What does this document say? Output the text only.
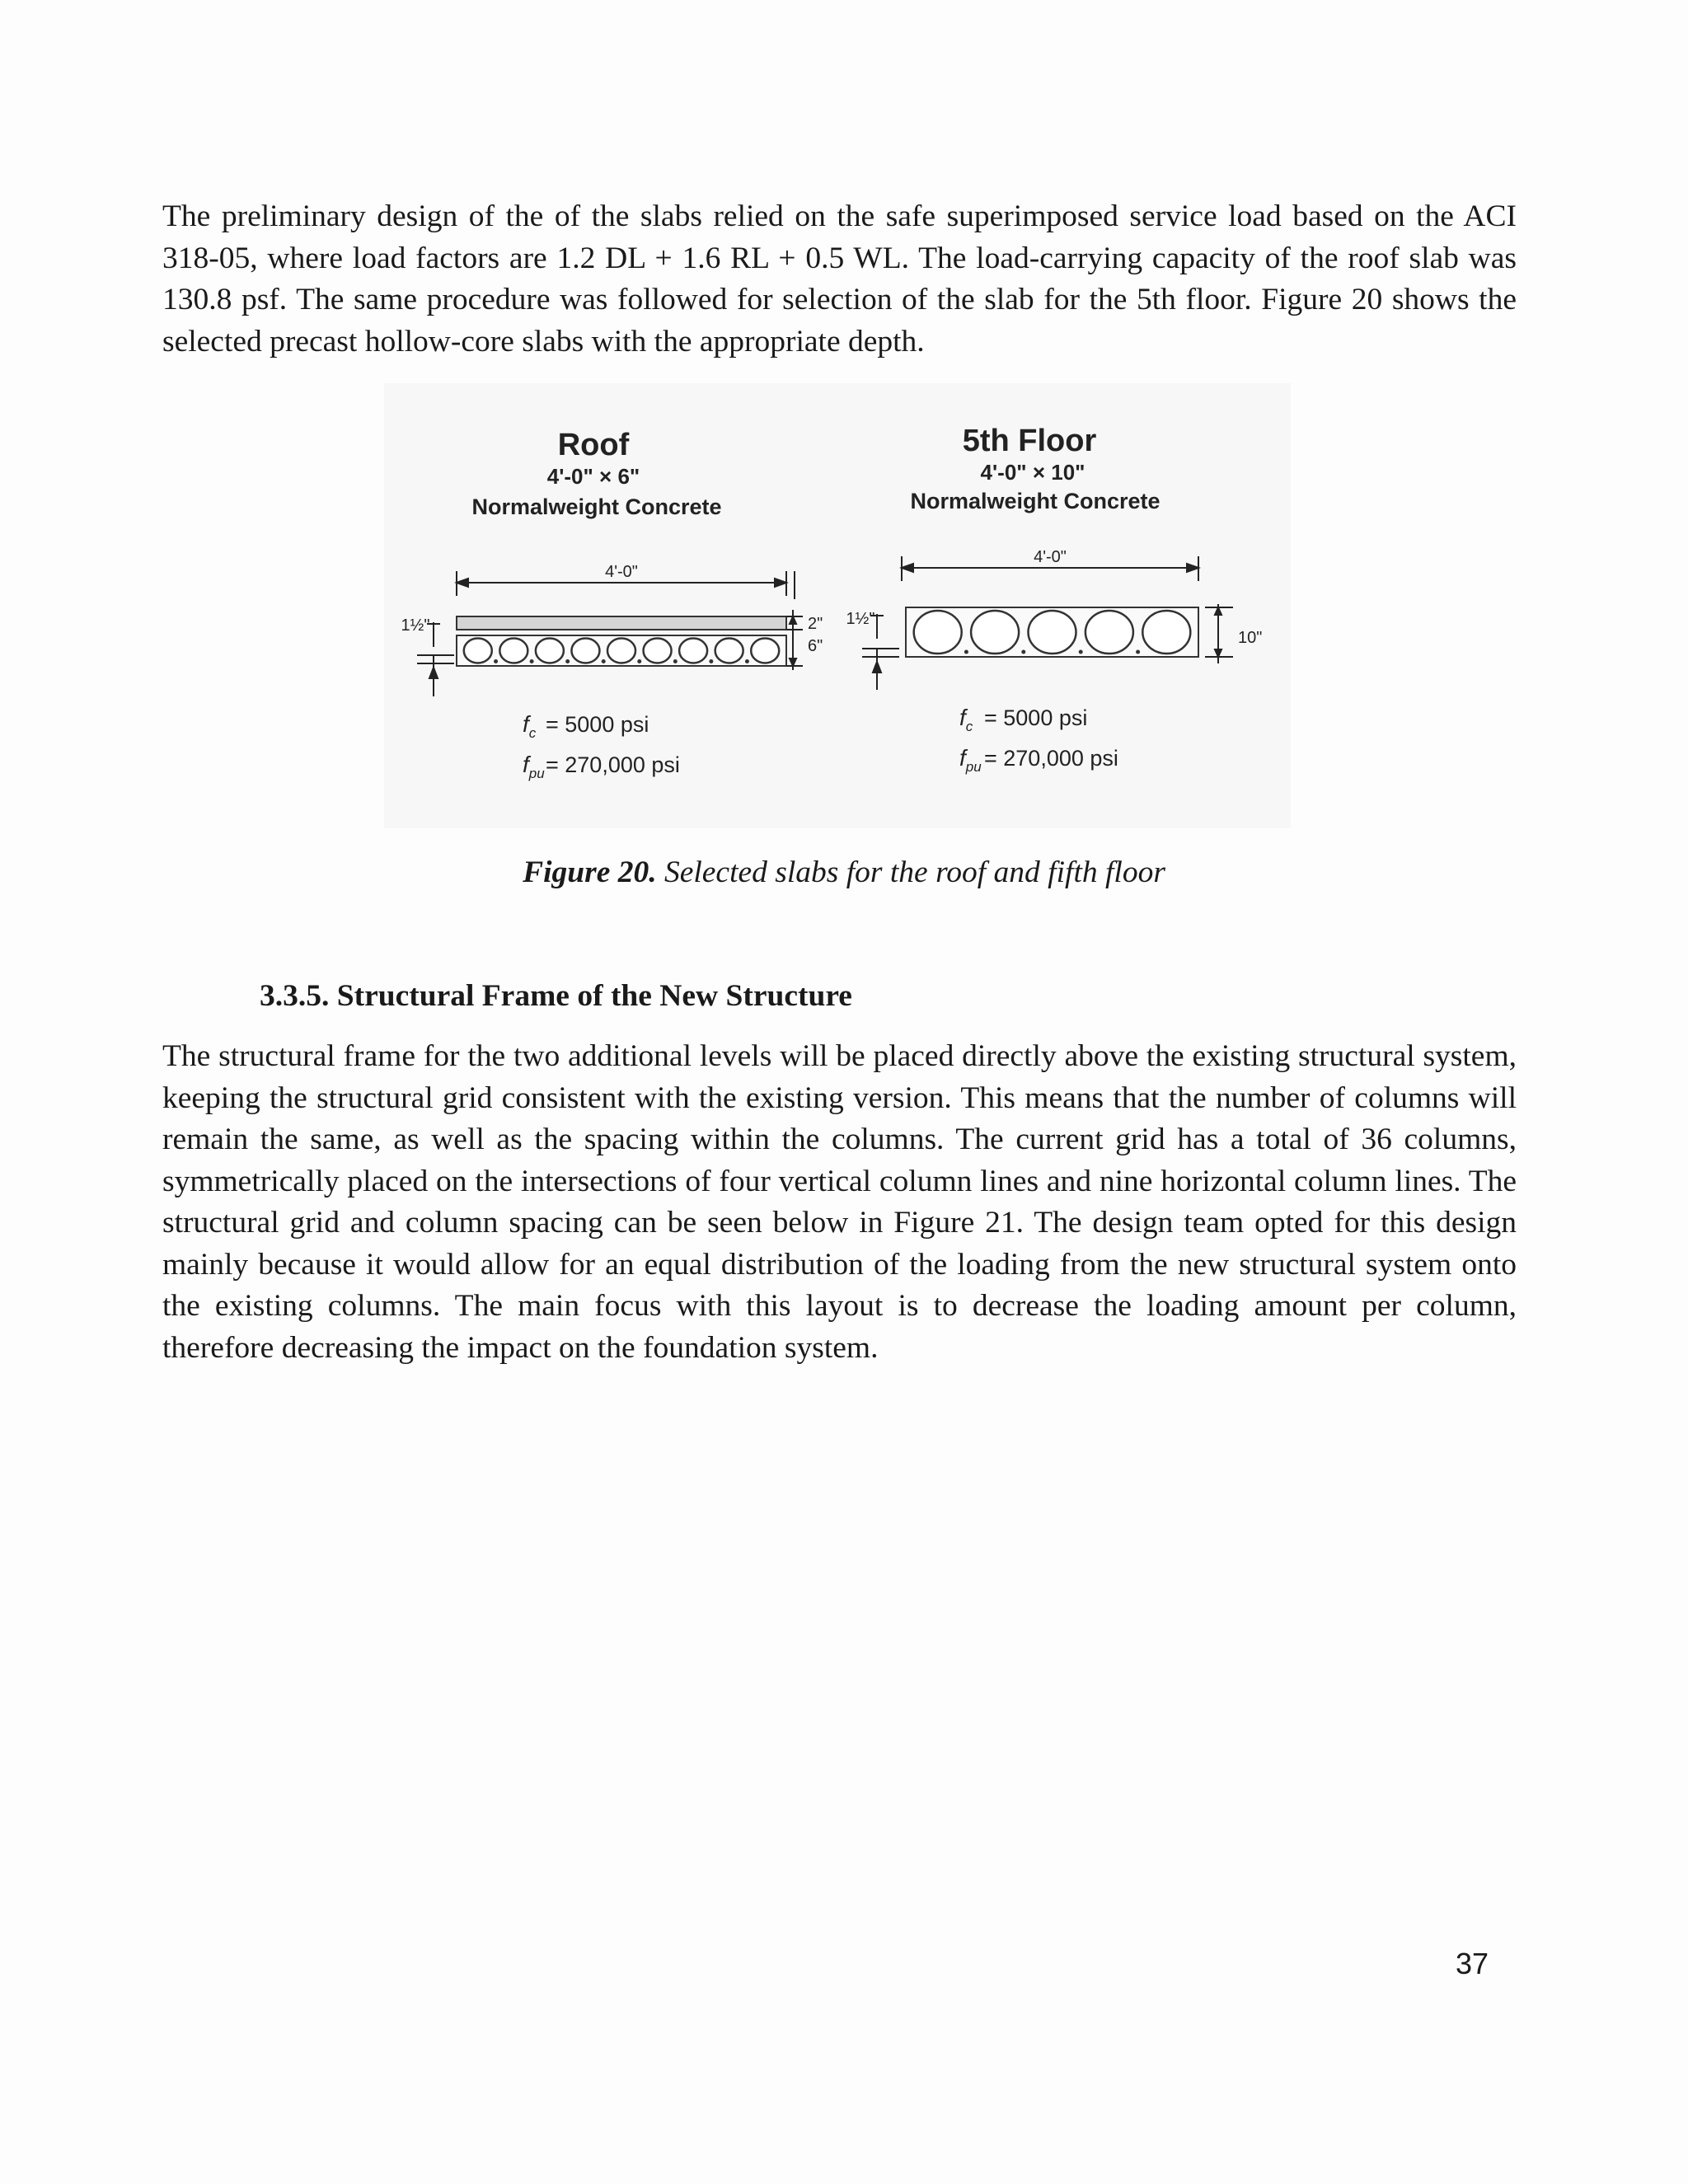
The preliminary design of the of the slabs relied on the safe superimposed service load based on the ACI 318-05, where load factors are 1.2 DL + 1.6 RL + 0.5 WL. The load-carrying capacity of the roof slab was 130.8 psf. The same procedure was followed for selection of the slab for the 5th floor. Figure 20 shows the selected precast hollow-core slabs with the appropriate depth.

Roof
4'-0" × 6"
Normalweight Concrete
4'-0"
1½"	2"
6"
$f_c = 5000$ psi
$f_{pu} = 270,000$ psi
5th Floor
4'-0" × 10"
Normalweight Concrete
4'-0"
1½"
10"
$f_c = 5000$ psi
$f_{pu} = 270,000$ psi

Figure 20. Selected slabs for the roof and fifth floor

3.3.5. Structural Frame of the New Structure

The structural frame for the two additional levels will be placed directly above the existing structural system, keeping the structural grid consistent with the existing version. This means that the number of columns will remain the same, as well as the spacing within the columns. The current grid has a total of 36 columns, symmetrically placed on the intersections of four vertical column lines and nine horizontal column lines. The structural grid and column spacing can be seen below in Figure 21. The design team opted for this design mainly because it would allow for an equal distribution of the loading from the new structural system onto the existing columns. The main focus with this layout is to decrease the loading amount per column, therefore decreasing the impact on the foundation system.

37
